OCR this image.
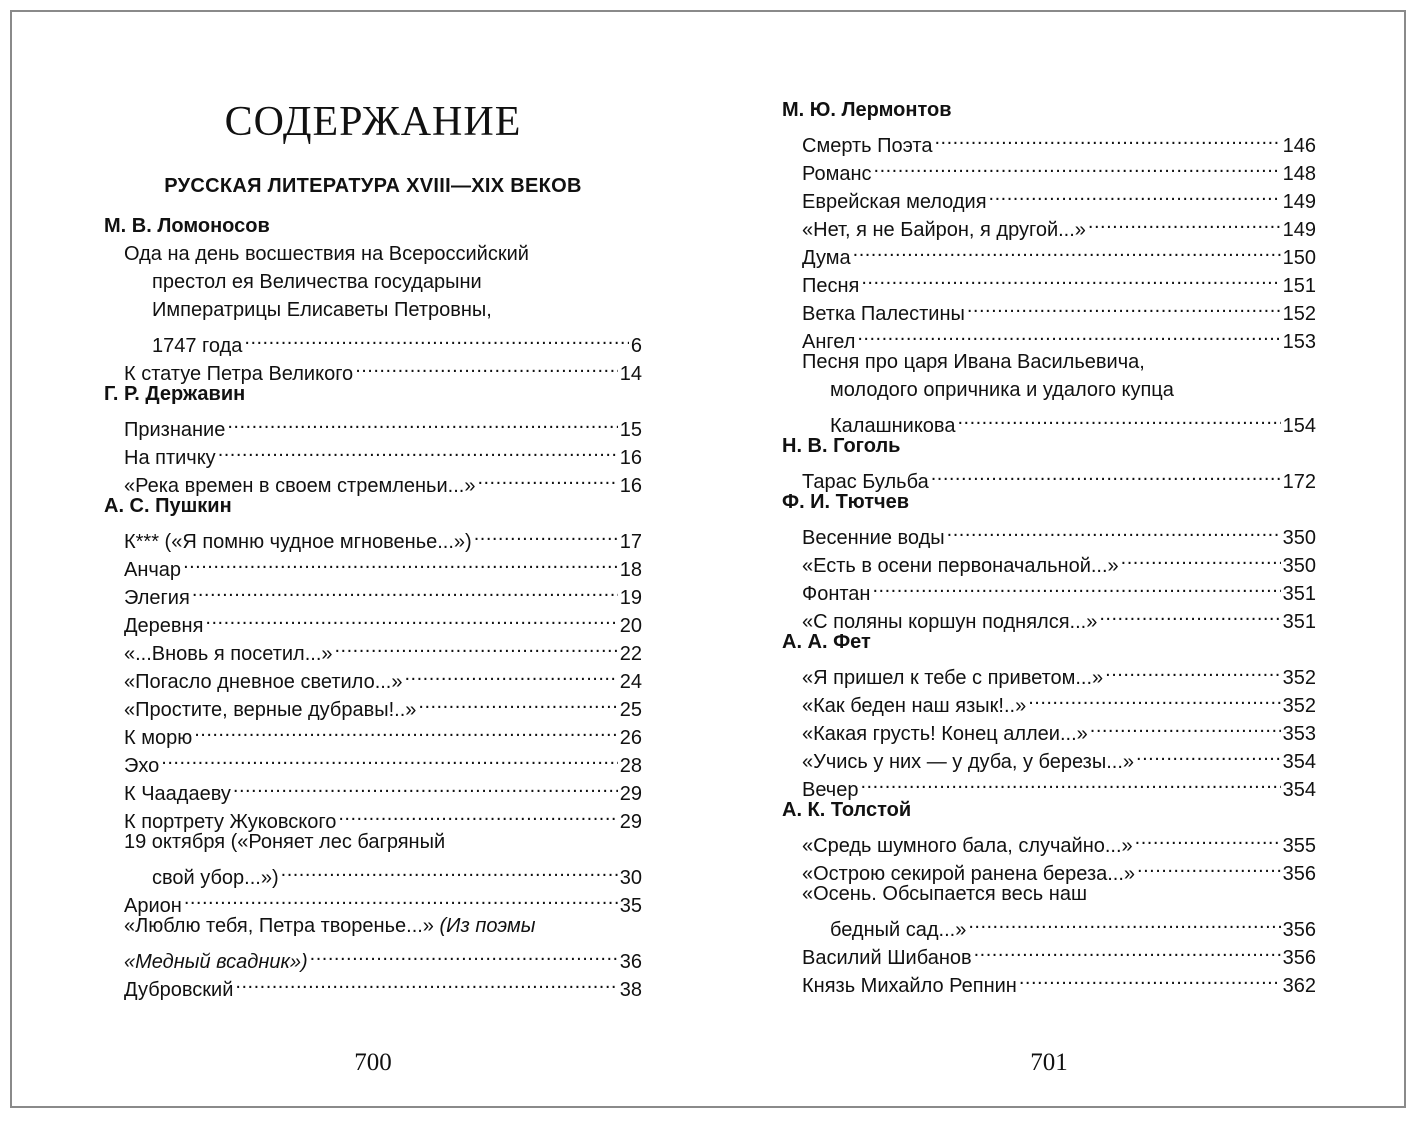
СОДЕРЖАНИЕ
РУССКАЯ ЛИТЕРАТУРА XVIII—XIX ВЕКОВ
М. В. Ломоносов
Ода на день восшествия на Всероссийский
престол ея Величества государыни
Императрицы Елисаветы Петровны,
1747 года .....	6
К статуе Петра Великого .....	14
Г. Р. Державин
Признание .....	15
На птичку .....	16
«Река времен в своем стремленьи...» .....	16
А. С. Пушкин
К*** («Я помню чудное мгновенье...») .....	17
Анчар .....	18
Элегия .....	19
Деревня .....	20
«...Вновь я посетил...» .....	22
«Погасло дневное светило...» .....	24
«Простите, верные дубравы!..» .....	25
К морю .....	26
Эхо .....	28
К Чаадаеву .....	29
К портрету Жуковского .....	29
19 октября («Роняет лес багряный
свой убор...») .....	30
Арион .....	35
«Люблю тебя, Петра творенье...» (Из поэмы
«Медный всадник») .....	36
Дубровский .....	38
700
М. Ю. Лермонтов
Смерть Поэта .....	146
Романс .....	148
Еврейская мелодия .....	149
«Нет, я не Байрон, я другой...» .....	149
Дума .....	150
Песня .....	151
Ветка Палестины .....	152
Ангел .....	153
Песня про царя Ивана Васильевича,
молодого опричника и удалого купца
Калашникова .....	154
Н. В. Гоголь
Тарас Бульба .....	172
Ф. И. Тютчев
Весенние воды .....	350
«Есть в осени первоначальной...» .....	350
Фонтан .....	351
«С поляны коршун поднялся...» .....	351
А. А. Фет
«Я пришел к тебе с приветом...» .....	352
«Как беден наш язык!..» .....	352
«Какая грусть! Конец аллеи...» .....	353
«Учись у них — у дуба, у березы...» .....	354
Вечер .....	354
А. К. Толстой
«Средь шумного бала, случайно...» .....	355
«Острою секирой ранена береза...» .....	356
«Осень. Обсыпается весь наш
бедный сад...» .....	356
Василий Шибанов .....	356
Князь Михайло Репнин .....	362
701
